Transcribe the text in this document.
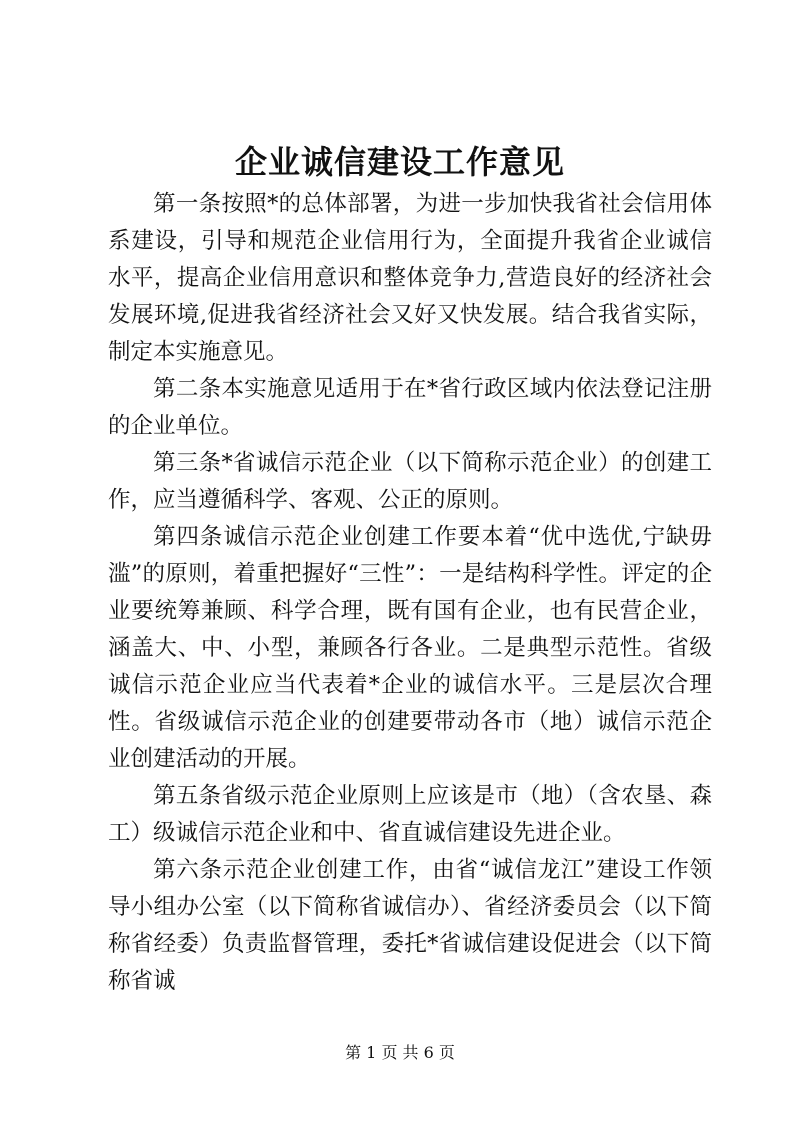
企业诚信建设工作意见

第一条按照*的总体部署，为进一步加快我省社会信用体系建设，引导和规范企业信用行为，全面提升我省企业诚信水平，提高企业信用意识和整体竞争力,营造良好的经济社会发展环境,促进我省经济社会又好又快发展。结合我省实际，制定本实施意见。

第二条本实施意见适用于在*省行政区域内依法登记注册的企业单位。

第三条*省诚信示范企业（以下简称示范企业）的创建工作，应当遵循科学、客观、公正的原则。

第四条诚信示范企业创建工作要本着“优中选优,宁缺毋滥”的原则，着重把握好“三性”：一是结构科学性。评定的企业要统筹兼顾、科学合理，既有国有企业，也有民营企业，涵盖大、中、小型，兼顾各行各业。二是典型示范性。省级诚信示范企业应当代表着*企业的诚信水平。三是层次合理性。省级诚信示范企业的创建要带动各市（地）诚信示范企业创建活动的开展。

第五条省级示范企业原则上应该是市（地）（含农垦、森工）级诚信示范企业和中、省直诚信建设先进企业。

第六条示范企业创建工作，由省“诚信龙江”建设工作领导小组办公室（以下简称省诚信办）、省经济委员会（以下简称省经委）负责监督管理，委托*省诚信建设促进会（以下简称省诚

第 1 页 共 6 页
